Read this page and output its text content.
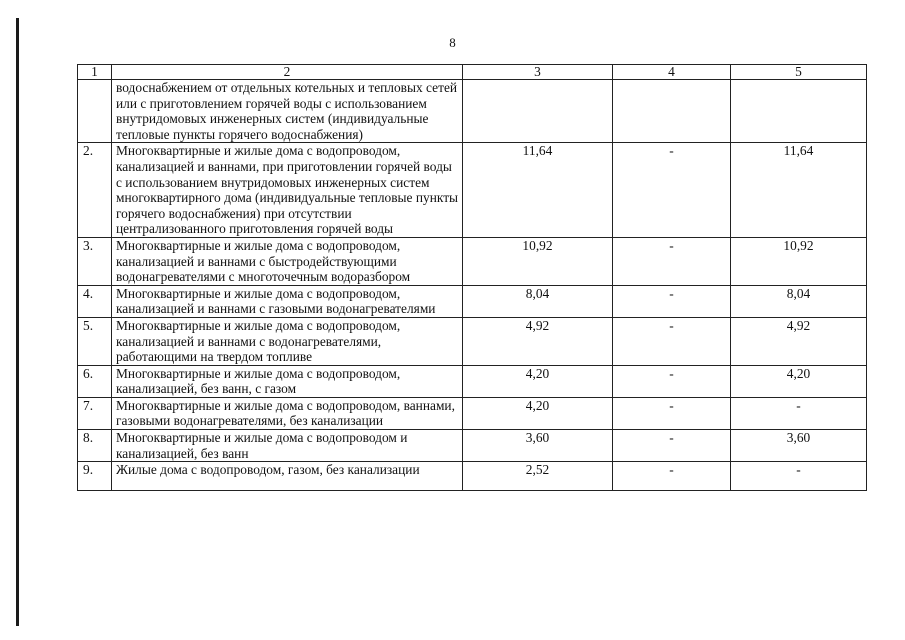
8
1	2	3	4	5
	водоснабжением от отдельных котельных и тепловых сетей или с приготовлением горячей воды с использованием внутридомовых инженерных систем (индивидуальные тепловые пункты горячего водоснабжения)			
2.	Многоквартирные и жилые дома с водопроводом, канализацией и ваннами, при приготовлении горячей воды с использованием внутридомовых инженерных систем многоквартирного дома (индивидуальные тепловые пункты горячего водоснабжения) при отсутствии централизованного приготовления горячей воды	11,64	-	11,64
3.	Многоквартирные и жилые дома с водопроводом, канализацией и ваннами с быстродействующими водонагревателями с многоточечным водоразбором	10,92	-	10,92
4.	Многоквартирные и жилые дома с водопроводом, канализацией и ваннами с газовыми водонагревателями	8,04	-	8,04
5.	Многоквартирные и жилые дома с водопроводом, канализацией и ваннами с водонагревателями, работающими на твердом топливе	4,92	-	4,92
6.	Многоквартирные и жилые дома с водопроводом, канализацией, без ванн, с газом	4,20	-	4,20
7.	Многоквартирные и жилые дома с водопроводом, ваннами, газовыми водонагревателями, без канализации	4,20	-	-
8.	Многоквартирные и жилые дома с водопроводом и канализацией, без ванн	3,60	-	3,60
9.	Жилые дома с водопроводом, газом, без канализации	2,52	-	-
